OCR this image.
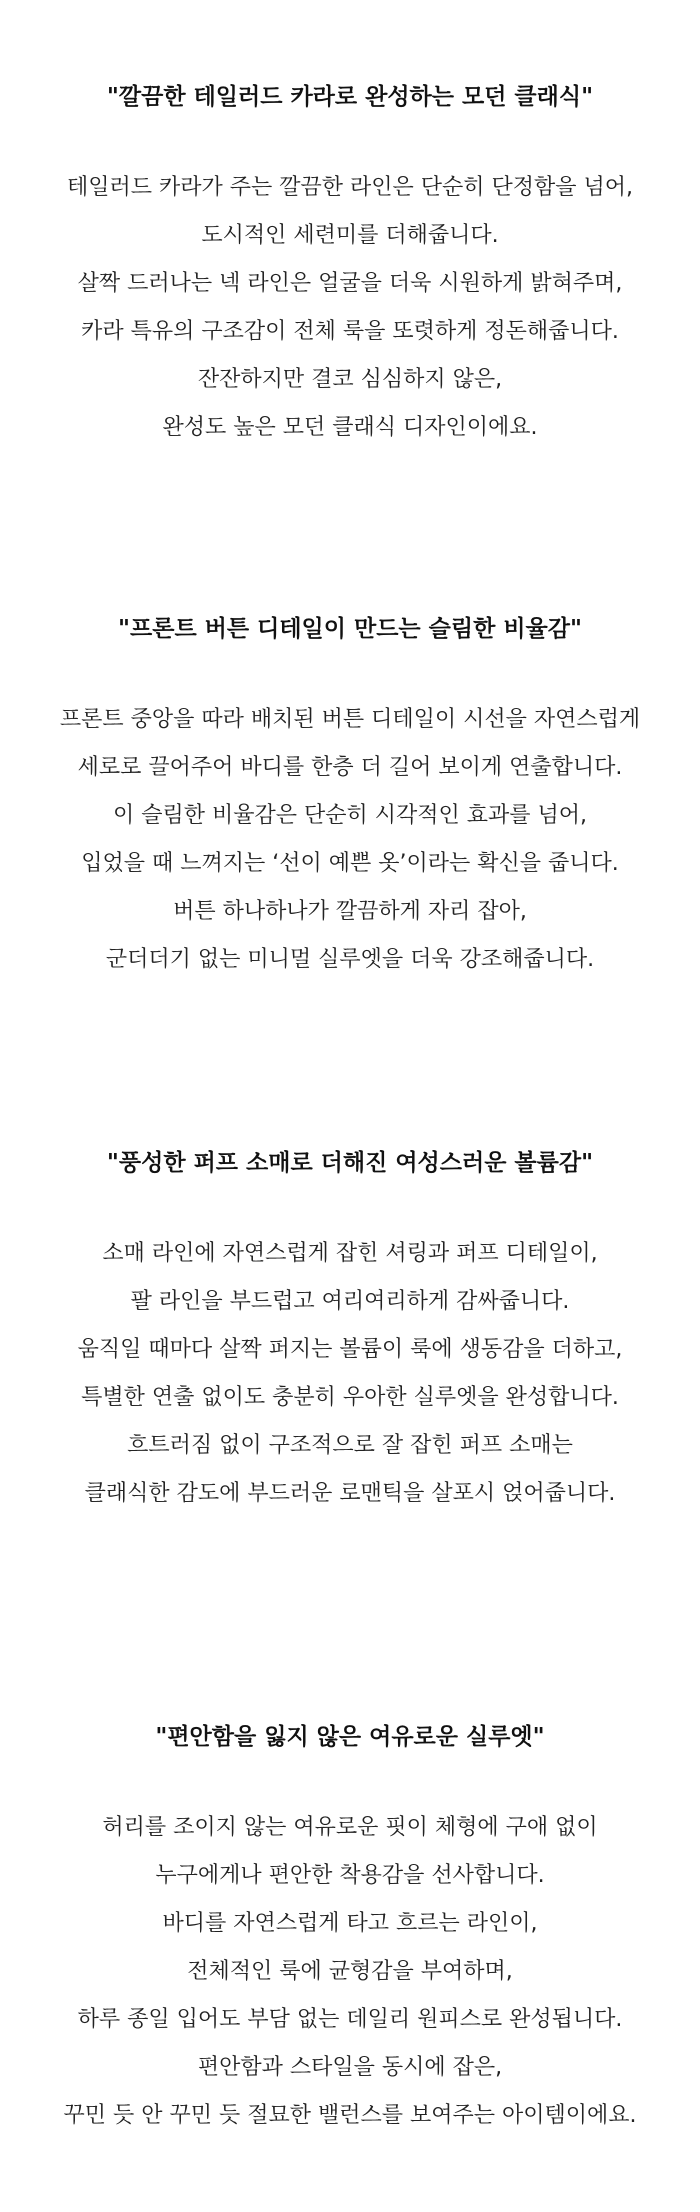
"깔끔한 테일러드 카라로 완성하는 모던 클래식"
테일러드 카라가 주는 깔끔한 라인은 단순히 단정함을 넘어,
도시적인 세련미를 더해줍니다.
살짝 드러나는 넥 라인은 얼굴을 더욱 시원하게 밝혀주며,
카라 특유의 구조감이 전체 룩을 또렷하게 정돈해줍니다.
잔잔하지만 결코 심심하지 않은,
완성도 높은 모던 클래식 디자인이에요.
"프론트 버튼 디테일이 만드는 슬림한 비율감"
프론트 중앙을 따라 배치된 버튼 디테일이 시선을 자연스럽게
세로로 끌어주어 바디를 한층 더 길어 보이게 연출합니다.
이 슬림한 비율감은 단순히 시각적인 효과를 넘어,
입었을 때 느껴지는 ‘선이 예쁜 옷’이라는 확신을 줍니다.
버튼 하나하나가 깔끔하게 자리 잡아,
군더더기 없는 미니멀 실루엣을 더욱 강조해줍니다.
"풍성한 퍼프 소매로 더해진 여성스러운 볼륨감"
소매 라인에 자연스럽게 잡힌 셔링과 퍼프 디테일이,
팔 라인을 부드럽고 여리여리하게 감싸줍니다.
움직일 때마다 살짝 퍼지는 볼륨이 룩에 생동감을 더하고,
특별한 연출 없이도 충분히 우아한 실루엣을 완성합니다.
흐트러짐 없이 구조적으로 잘 잡힌 퍼프 소매는
클래식한 감도에 부드러운 로맨틱을 살포시 얹어줍니다.
"편안함을 잃지 않은 여유로운 실루엣"
허리를 조이지 않는 여유로운 핏이 체형에 구애 없이
누구에게나 편안한 착용감을 선사합니다.
바디를 자연스럽게 타고 흐르는 라인이,
전체적인 룩에 균형감을 부여하며,
하루 종일 입어도 부담 없는 데일리 원피스로 완성됩니다.
편안함과 스타일을 동시에 잡은,
꾸민 듯 안 꾸민 듯 절묘한 밸런스를 보여주는 아이템이에요.
